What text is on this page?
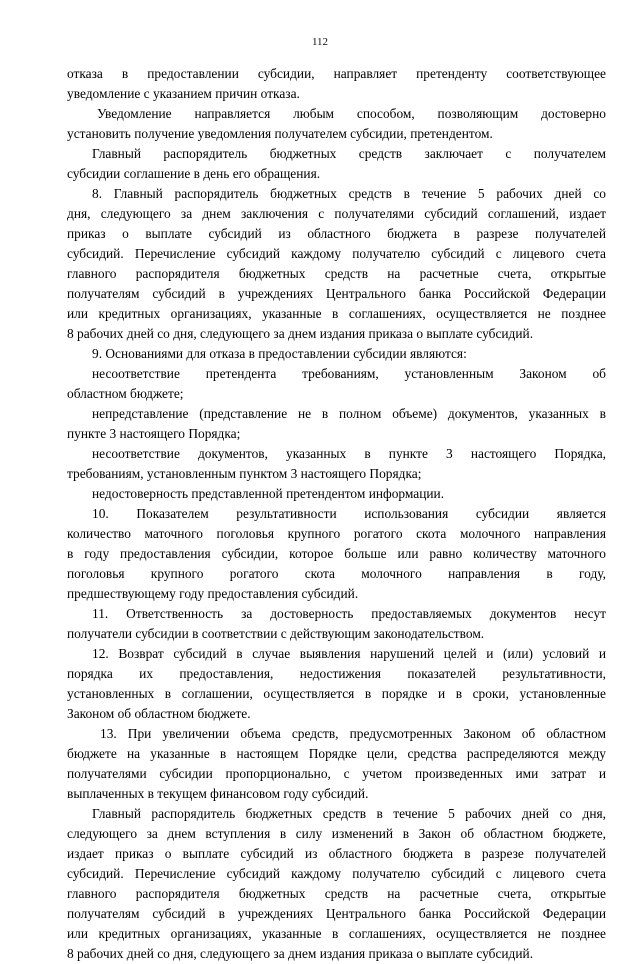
112
отказа в предоставлении субсидии, направляет претенденту соответствующее
уведомление с указанием причин отказа.
Уведомление направляется любым способом, позволяющим достоверно
установить получение уведомления получателем субсидии, претендентом.
Главный распорядитель бюджетных средств заключает с получателем
субсидии соглашение в день его обращения.
8. Главный распорядитель бюджетных средств в течение 5 рабочих дней со
дня, следующего за днем заключения с получателями субсидий соглашений, издает
приказ о выплате субсидий из областного бюджета в разрезе получателей
субсидий. Перечисление субсидий каждому получателю субсидий с лицевого счета
главного распорядителя бюджетных средств на расчетные счета, открытые
получателям субсидий в учреждениях Центрального банка Российской Федерации
или кредитных организациях, указанные в соглашениях, осуществляется не позднее
8 рабочих дней со дня, следующего за днем издания приказа о выплате субсидий.
9. Основаниями для отказа в предоставлении субсидии являются:
несоответствие претендента требованиям, установленным Законом об
областном бюджете;
непредставление (представление не в полном объеме) документов, указанных в
пункте 3 настоящего Порядка;
несоответствие документов, указанных в пункте 3 настоящего Порядка,
требованиям, установленным пунктом 3 настоящего Порядка;
недостоверность представленной претендентом информации.
10. Показателем результативности использования субсидии является
количество маточного поголовья крупного рогатого скота молочного направления
в году предоставления субсидии, которое больше или равно количеству маточного
поголовья крупного рогатого скота молочного направления в году,
предшествующему году предоставления субсидий.
11. Ответственность за достоверность предоставляемых документов несут
получатели субсидии в соответствии с действующим законодательством.
12. Возврат субсидий в случае выявления нарушений целей и (или) условий и
порядка их предоставления, недостижения показателей результативности,
установленных в соглашении, осуществляется в порядке и в сроки, установленные
Законом об областном бюджете.
13. При увеличении объема средств, предусмотренных Законом об областном
бюджете на указанные в настоящем Порядке цели, средства распределяются между
получателями субсидии пропорционально, с учетом произведенных ими затрат и
выплаченных в текущем финансовом году субсидий.
Главный распорядитель бюджетных средств в течение 5 рабочих дней со дня,
следующего за днем вступления в силу изменений в Закон об областном бюджете,
издает приказ о выплате субсидий из областного бюджета в разрезе получателей
субсидий. Перечисление субсидий каждому получателю субсидий с лицевого счета
главного распорядителя бюджетных средств на расчетные счета, открытые
получателям субсидий в учреждениях Центрального банка Российской Федерации
или кредитных организациях, указанные в соглашениях, осуществляется не позднее
8 рабочих дней со дня, следующего за днем издания приказа о выплате субсидий.
